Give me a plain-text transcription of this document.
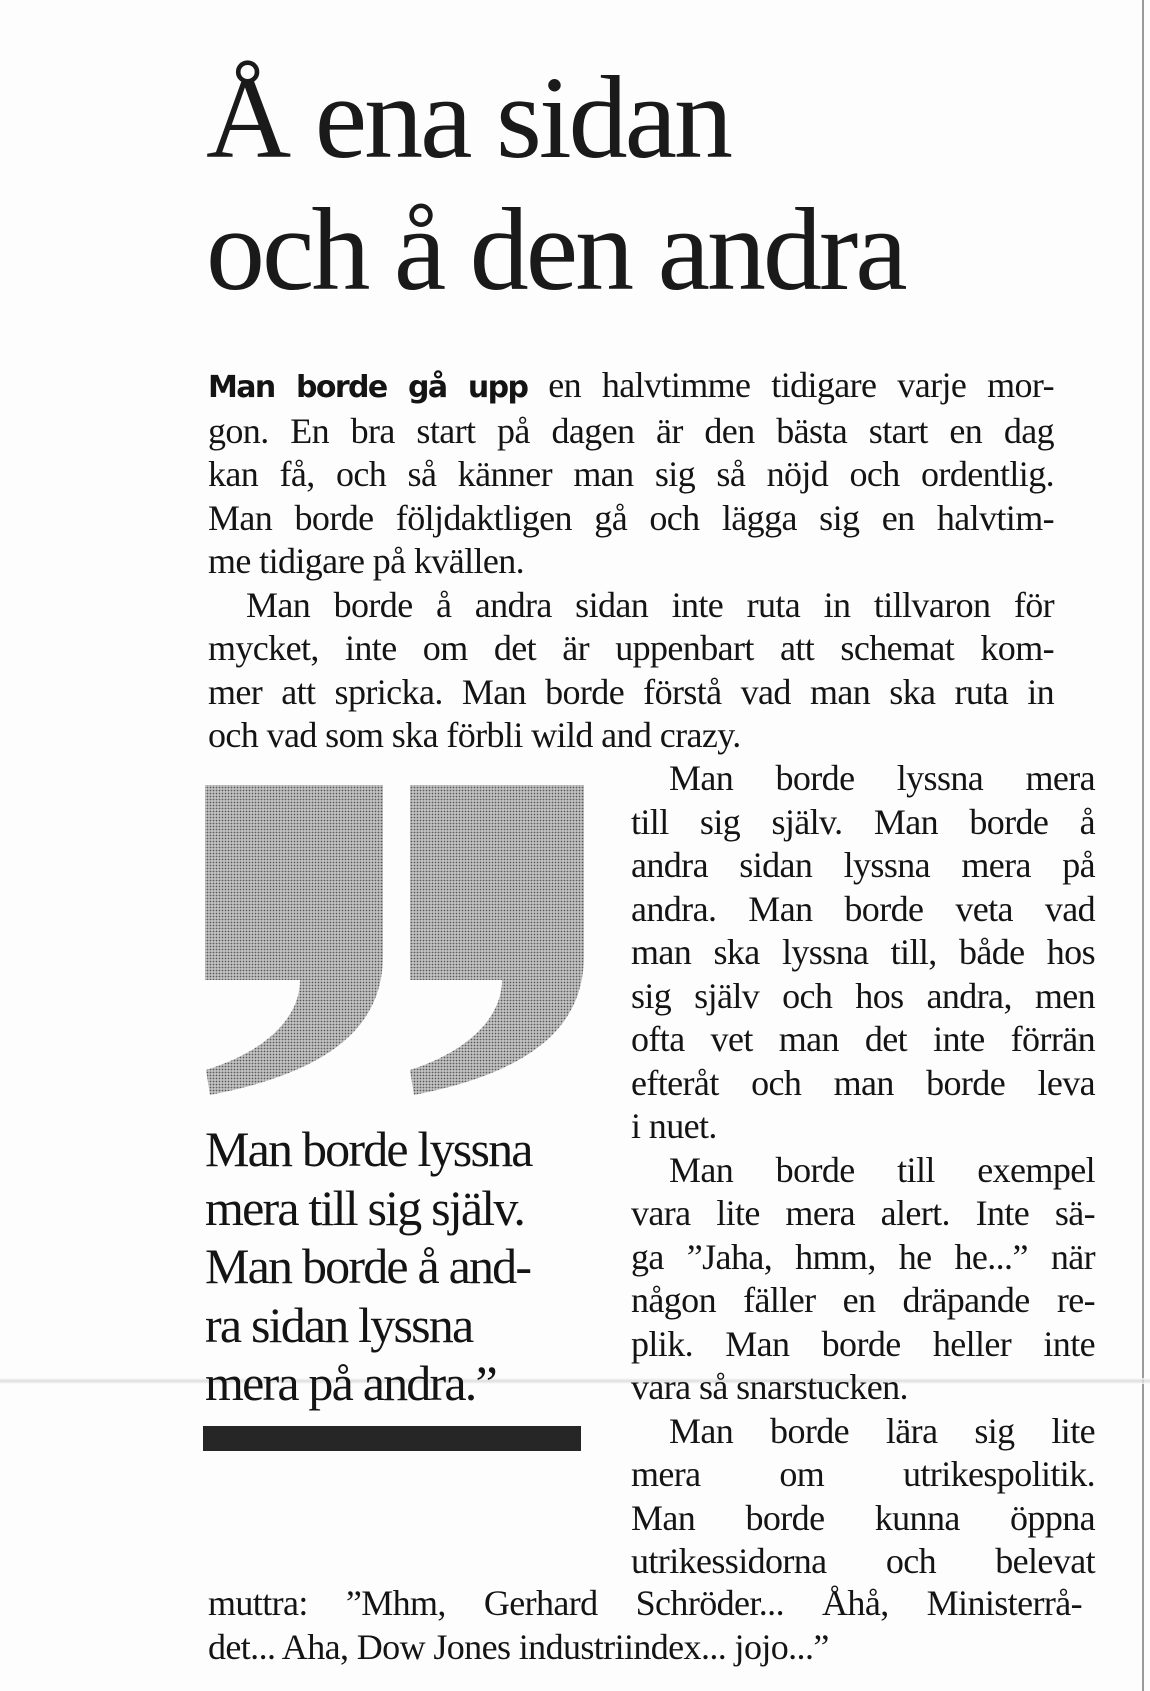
Å ena sidan
och å den andra
Man borde gå upp en halvtimme tidigare varje mor-
gon. En bra start på dagen är den bästa start en dag
kan få, och så känner man sig så nöjd och ordentlig.
Man borde följdaktligen gå och lägga sig en halvtim-
me tidigare på kvällen.
Man borde å andra sidan inte ruta in tillvaron för
mycket, inte om det är uppenbart att schemat kom-
mer att spricka. Man borde förstå vad man ska ruta in
och vad som ska förbli wild and crazy.
Man borde lyssna mera
till sig själv. Man borde å
andra sidan lyssna mera på
andra. Man borde veta vad
man ska lyssna till, både hos
sig själv och hos andra, men
ofta vet man det inte förrän
efteråt och man borde leva
i nuet.
Man borde till exempel
vara lite mera alert. Inte sä-
ga ”Jaha, hmm, he he...” när
någon fäller en dräpande re-
plik. Man borde heller inte
vara så snarstucken.
Man borde lära sig lite
mera om utrikespolitik.
Man borde kunna öppna
utrikessidorna och belevat
muttra: ”Mhm, Gerhard Schröder... Åhå, Ministerrå-
det... Aha, Dow Jones industriindex... jojo...”
Man borde lyssna
mera till sig själv.
Man borde å and-
ra sidan lyssna
mera på andra.”
